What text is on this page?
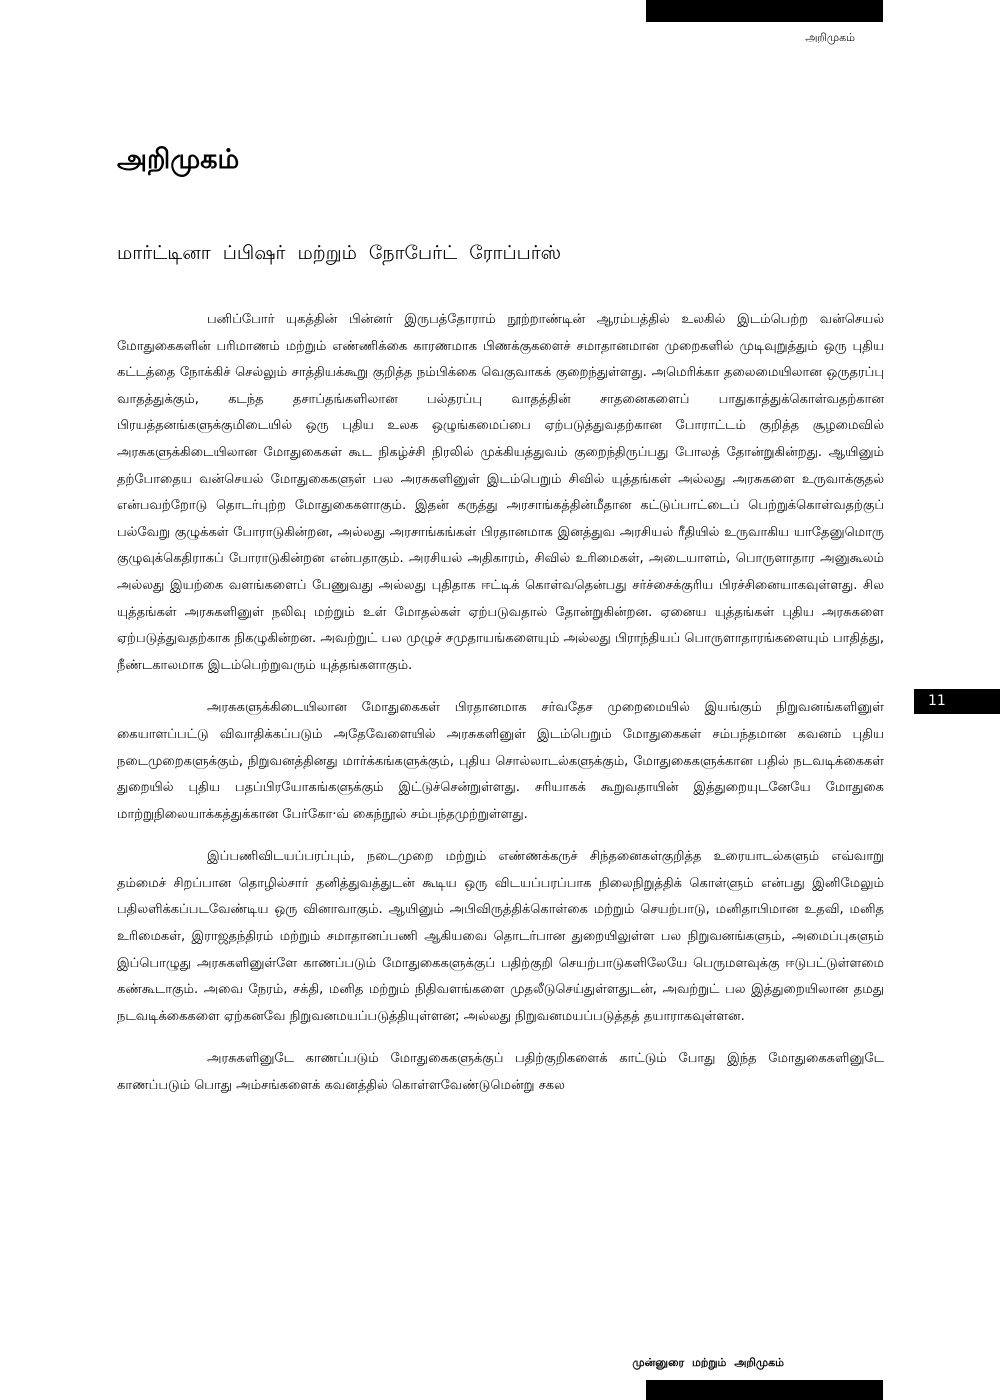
அறிமுகம்
அறிமுகம்
மார்ட்டினா ப்பிஷர் மற்றும் நோபேர்ட் ரோப்பர்ஸ்

பனிப்போர் யுகத்தின் பின்னர் இருபத்தோராம் நூற்றாண்டின் ஆரம்பத்தில் உலகில் இடம்பெற்ற வன்செயல் மோதுகைகளின் பரிமாணம் மற்றும் எண்ணிக்கை காரணமாக பிணக்குகளைச் சமாதானமான முறைகளில் முடிவுறுத்தும் ஒரு புதிய கட்டத்தை நோக்கிச் செல்லும் சாத்தியக்கூறு குறித்த நம்பிக்கை வெகுவாகக் குறைந்துள்ளது. அமெரிக்கா தலைமையிலான ஒருதரப்பு வாதத்துக்கும், கடந்த தசாப்தங்களிலான பல்தரப்பு வாதத்தின் சாதனைகளைப் பாதுகாத்துக்கொள்வதற்கான பிரயத்தனங்களுக்குமிடையில் ஒரு புதிய உலக ஒழுங்கமைப்பை ஏற்படுத்துவதற்கான போராட்டம் குறித்த சூழமைவில் அரசுகளுக்கிடையிலான மோதுகைகள் கூட நிகழ்ச்சி நிரலில் முக்கியத்துவம் குறைந்திருப்பது போலத் தோன்றுகின்றது. ஆயினும் தற்போதைய வன்செயல் மோதுகைகளுள் பல அரசுகளினுள் இடம்பெறும் சிவில் யுத்தங்கள் அல்லது அரசுகளை உருவாக்குதல் என்பவற்றோடு தொடர்புற்ற மோதுகைகளாகும். இதன் கருத்து அரசாங்கத்தின்மீதான கட்டுப்பாட்டைப் பெற்றுக்கொள்வதற்குப் பல்வேறு குழுக்கள் போராடுகின்றன, அல்லது அரசாங்கங்கள் பிரதானமாக இனத்துவ அரசியல் ரீதியில் உருவாகிய யாதேனுமொரு குழுவுக்கெதிராகப் போராடுகின்றன என்பதாகும். அரசியல் அதிகாரம், சிவில் உரிமைகள், அடையாளம், பொருளாதார அனுகூலம் அல்லது இயற்கை வளங்களைப் பேணுவது அல்லது புதிதாக ஈட்டிக் கொள்வதென்பது சர்ச்சைக்குரிய பிரச்சினையாகவுள்ளது. சில யுத்தங்கள் அரசுகளினுள் நலிவு மற்றும் உள் மோதல்கள் ஏற்படுவதால் தோன்றுகின்றன. ஏனைய யுத்தங்கள் புதிய அரசுகளை ஏற்படுத்துவதற்காக நிகழுகின்றன. அவற்றுட் பல முழுச் சமுதாயங்களையும் அல்லது பிராந்தியப் பொருளாதாரங்களையும் பாதித்து, நீண்டகாலமாக இடம்பெற்றுவரும் யுத்தங்களாகும்.

அரசுகளுக்கிடையிலான மோதுகைகள் பிரதானமாக சர்வதேச முறைமையில் இயங்கும் நிறுவனங்களினுள் கையாளப்பட்டு விவாதிக்கப்படும் அதேவேளையில் அரசுகளினுள் இடம்பெறும் மோதுகைகள் சம்பந்தமான கவனம் புதிய நடைமுறைகளுக்கும், நிறுவனத்தினது மார்க்கங்களுக்கும், புதிய சொல்லாடல்களுக்கும், மோதுகைகளுக்கான பதில் நடவடிக்கைகள் துறையில் புதிய பதப்பிரயோகங்களுக்கும் இட்டுச்சென்றுள்ளது. சரியாகக் கூறுவதாயின் இத்துறையுடனேயே மோதுகை மாற்றுநிலையாக்கத்துக்கான பேர்கோ·வ் கைந்நூல் சம்பந்தமுற்றுள்ளது.

இப்பணிவிடயப்பரப்பும், நடைமுறை மற்றும் எண்ணக்கருச் சிந்தனைகள்குறித்த உரையாடல்களும் எவ்வாறு தம்மைச் சிறப்பான தொழில்சார் தனித்துவத்துடன் கூடிய ஒரு விடயப்பரப்பாக நிலைநிறுத்திக் கொள்ளும் என்பது இனிமேலும் பதிலளிக்கப்படவேண்டிய ஒரு வினாவாகும். ஆயினும் அபிவிருத்திக்கொள்கை மற்றும் செயற்பாடு, மனிதாபிமான உதவி, மனித உரிமைகள், இராஜதந்திரம் மற்றும் சமாதானப்பணி ஆகியவை தொடர்பான துறையிலுள்ள பல நிறுவனங்களும், அமைப்புகளும் இப்பொழுது அரசுகளினுள்ளே காணப்படும் மோதுகைகளுக்குப் பதிற்குறி செயற்பாடுகளிலேயே பெருமளவுக்கு ஈடுபட்டுள்ளமை கண்கூடாகும். அவை நேரம், சக்தி, மனித மற்றும் நிதிவளங்களை முதலீடுசெய்துள்ளதுடன், அவற்றுட் பல இத்துறையிலான தமது நடவடிக்கைகளை ஏற்கனவே நிறுவனமயப்படுத்தியுள்ளன; அல்லது நிறுவனமயப்படுத்தத் தயாராகவுள்ளன.

அரசுகளினுடே காணப்படும் மோதுகைகளுக்குப் பதிற்குறிகளைக் காட்டும் போது இந்த மோதுகைகளினுடே காணப்படும் பொது அம்சங்களைக் கவனத்தில் கொள்ளவேண்டுமென்று சகல

11
முன்னுரை மற்றும் அறிமுகம்
